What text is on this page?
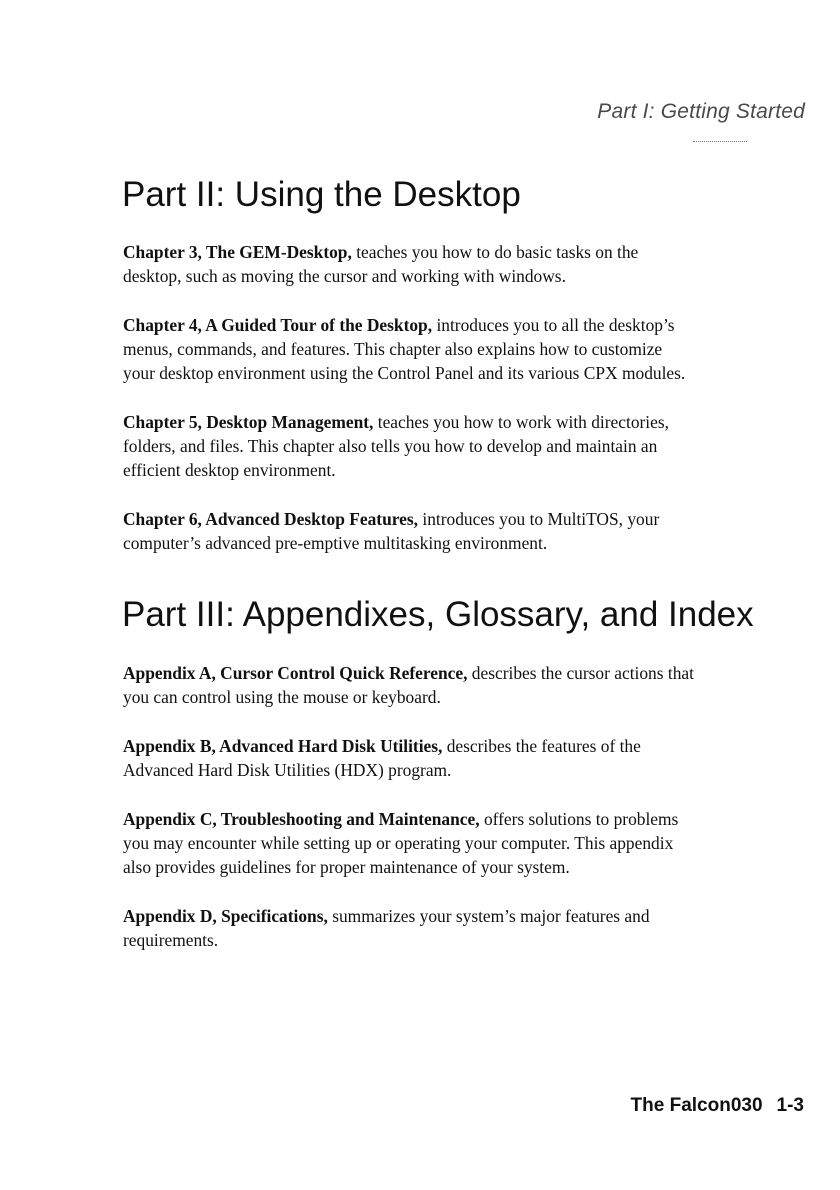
Part I: Getting Started
Part II: Using the Desktop

Chapter 3, The GEM-Desktop, teaches you how to do basic tasks on the
desktop, such as moving the cursor and working with windows.

Chapter 4, A Guided Tour of the Desktop, introduces you to all the desktop’s
menus, commands, and features. This chapter also explains how to customize
your desktop environment using the Control Panel and its various CPX modules.

Chapter 5, Desktop Management, teaches you how to work with directories,
folders, and files. This chapter also tells you how to develop and maintain an
efficient desktop environment.

Chapter 6, Advanced Desktop Features, introduces you to MultiTOS, your
computer’s advanced pre-emptive multitasking environment.

Part III: Appendixes, Glossary, and Index

Appendix A, Cursor Control Quick Reference, describes the cursor actions that
you can control using the mouse or keyboard.

Appendix B, Advanced Hard Disk Utilities, describes the features of the
Advanced Hard Disk Utilities (HDX) program.

Appendix C, Troubleshooting and Maintenance, offers solutions to problems
you may encounter while setting up or operating your computer. This appendix
also provides guidelines for proper maintenance of your system.

Appendix D, Specifications, summarizes your system’s major features and
requirements.

The Falcon030 1-3
